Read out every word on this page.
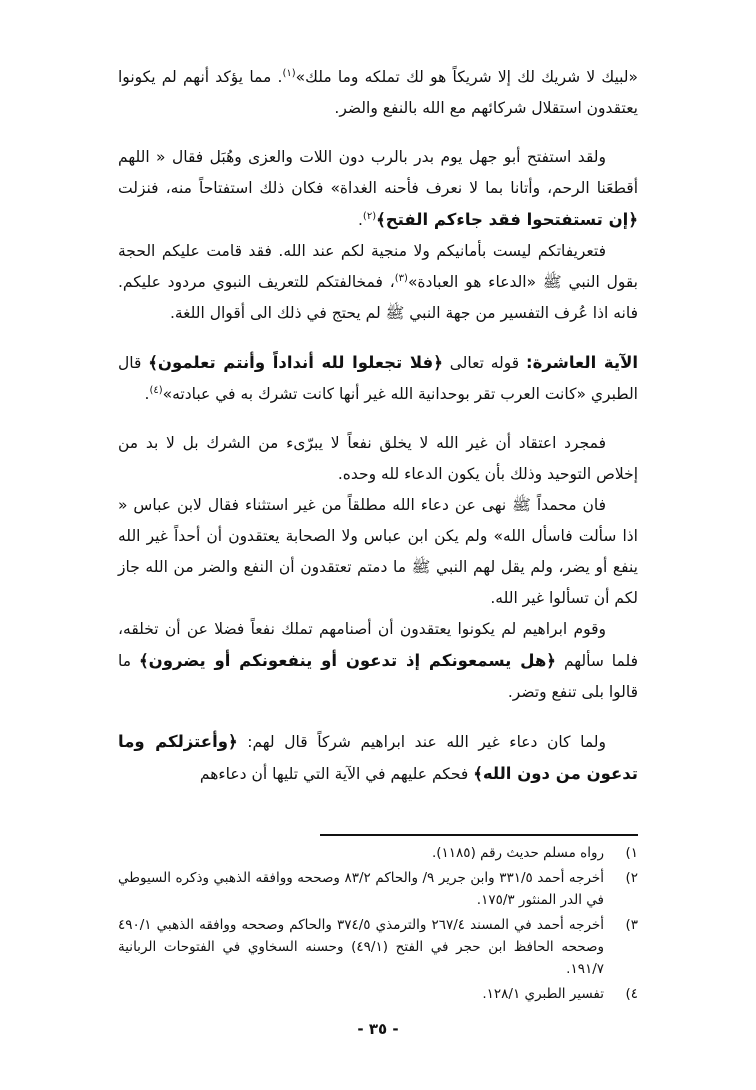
«لبيك لا شريك لك إلا شريكاً هو لك تملكه وما ملك»$^{(١)}$. مما يؤكد أنهم لم يكونوا يعتقدون استقلال شركائهم مع الله بالنفع والضر.

ولقد استفتح أبو جهل يوم بدر بالرب دون اللات والعزى وهُبَل فقال « اللهم أقطعَنا الرحم، وأتانا بما لا نعرف فأحنه الغداة» فكان ذلك استفتاحاً منه، فنزلت ﴿إن تستفتحوا فقد جاءكم الفتح﴾$^{(٢)}$.

فتعريفاتكم ليست بأمانيكم ولا منجية لكم عند الله. فقد قامت عليكم الحجة بقول النبي ﷺ «الدعاء هو العبادة»$^{(٣)}$، فمخالفتكم للتعريف النبوي مردود عليكم. فانه اذا عُرف التفسير من جهة النبي ﷺ لم يحتج في ذلك الى أقوال اللغة.

الآية العاشرة: قوله تعالى ﴿فلا تجعلوا لله أنداداً وأنتم تعلمون﴾ قال الطبري «كانت العرب تقر بوحدانية الله غير أنها كانت تشرك به في عبادته»$^{(٤)}$.

فمجرد اعتقاد أن غير الله لا يخلق نفعاً لا يبرّىء من الشرك بل لا بد من إخلاص التوحيد وذلك بأن يكون الدعاء لله وحده.

فان محمداً ﷺ نهى عن دعاء الله مطلقاً من غير استثناء فقال لابن عباس « اذا سألت فاسأل الله» ولم يكن ابن عباس ولا الصحابة يعتقدون أن أحداً غير الله ينفع أو يضر، ولم يقل لهم النبي ﷺ ما دمتم تعتقدون أن النفع والضر من الله جاز لكم أن تسألوا غير الله.

وقوم ابراهيم لم يكونوا يعتقدون أن أصنامهم تملك نفعاً فضلا عن أن تخلقه، فلما سألهم ﴿هل يسمعونكم إذ تدعون أو ينفعونكم أو يضرون﴾ ما قالوا بلى تنفع وتضر.

ولما كان دعاء غير الله عند ابراهيم شركاً قال لهم: ﴿وأعتزلكم وما تدعون من دون الله﴾ فحكم عليهم في الآية التي تليها أن دعاءهم

١)
رواه مسلم حديث رقم (١١٨٥).

٢)
أخرجه أحمد ٣٣١/٥ وابن جرير ٩/ والحاكم ٨٣/٢ وصححه ووافقه الذهبي وذكره السيوطي في الدر المنثور ١٧٥/٣.

٣)
أخرجه أحمد في المسند ٢٦٧/٤ والترمذي ٣٧٤/٥ والحاكم وصححه ووافقه الذهبي ٤٩٠/١ وصححه الحافظ ابن حجر في الفتح (٤٩/١) وحسنه السخاوي في الفتوحات الربانية ١٩١/٧.

٤)
تفسير الطبري ١٢٨/١.

- ٣٥ -
